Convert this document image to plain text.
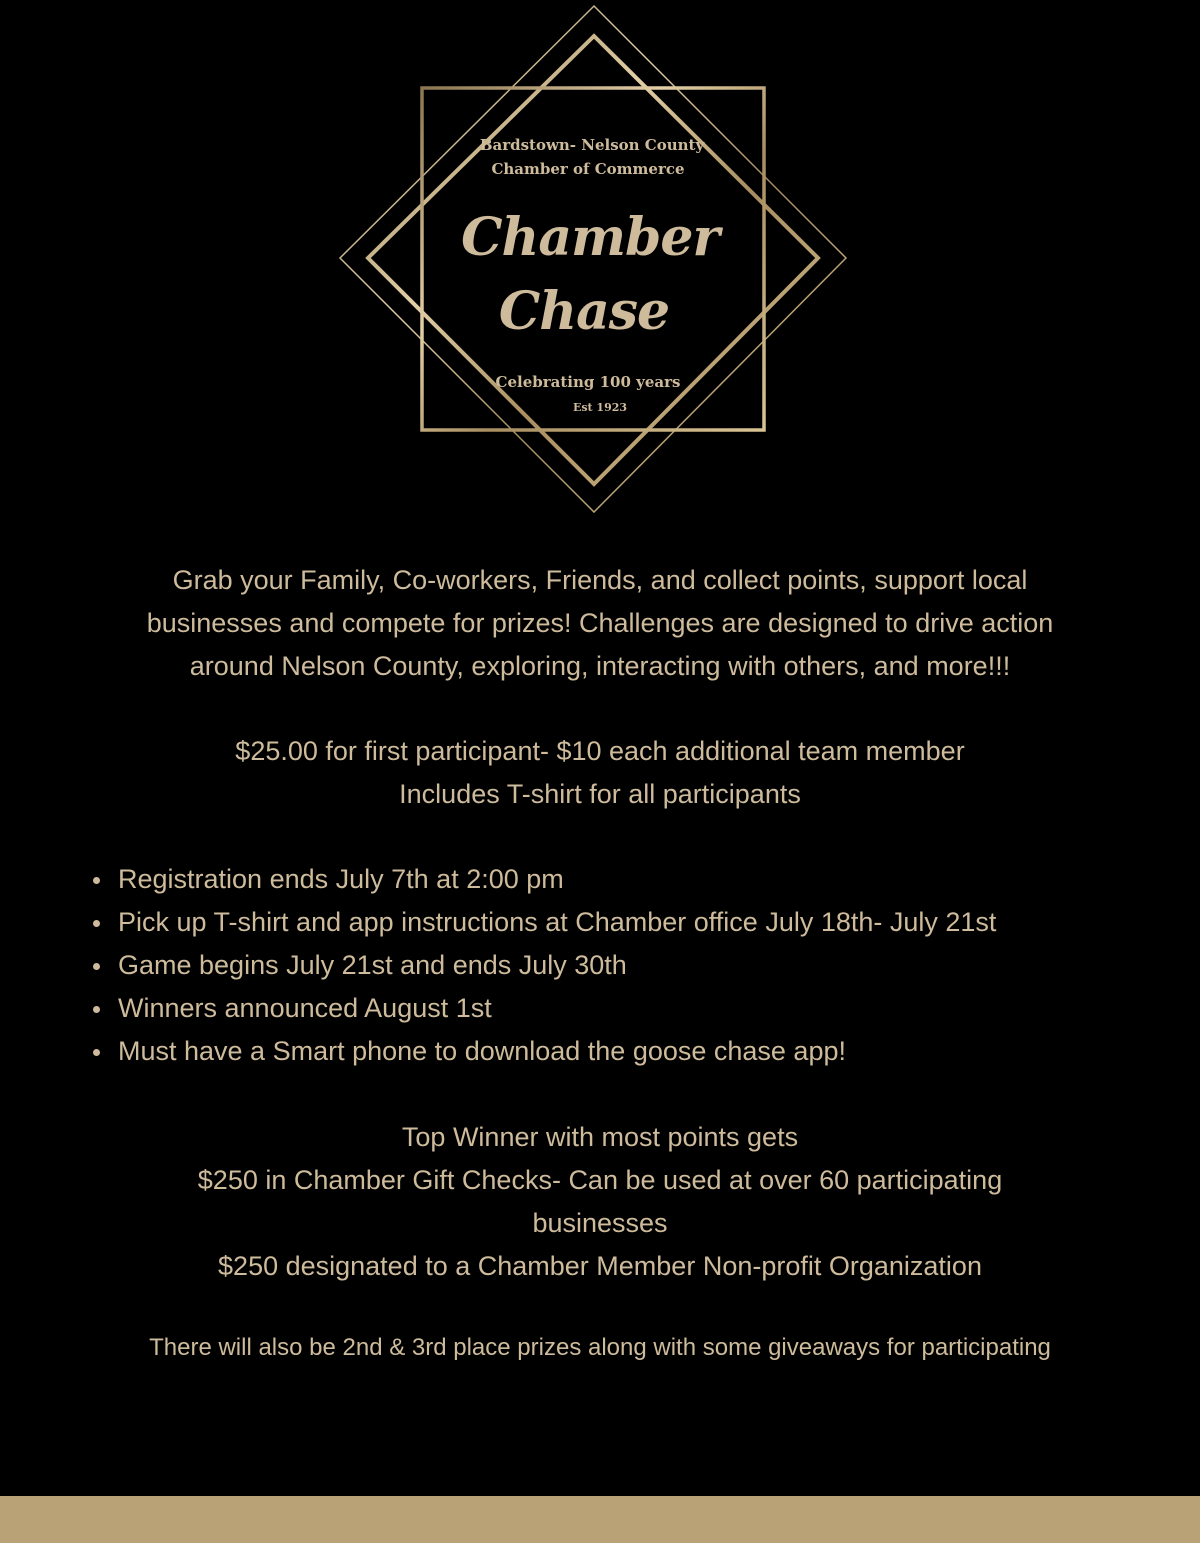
Bardstown- Nelson County
Chamber of Commerce
Chamber
Chase
Celebrating 100 years
Est 1923

Grab your Family, Co-workers, Friends, and collect points, support local

businesses and compete for prizes! Challenges are designed to drive action

around Nelson County, exploring, interacting with others, and more!!!

$25.00 for first participant- $10 each additional team member

Includes T-shirt for all participants

Registration ends July 7th at 2:00 pm
Pick up T-shirt and app instructions at Chamber office July 18th- July 21st
Game begins July 21st and ends July 30th
Winners announced August 1st
Must have a Smart phone to download the goose chase app!

Top Winner with most points gets

$250 in Chamber Gift Checks- Can be used at over 60 participating

businesses

$250 designated to a Chamber Member Non-profit Organization

There will also be 2nd & 3rd place prizes along with some giveaways for participating
